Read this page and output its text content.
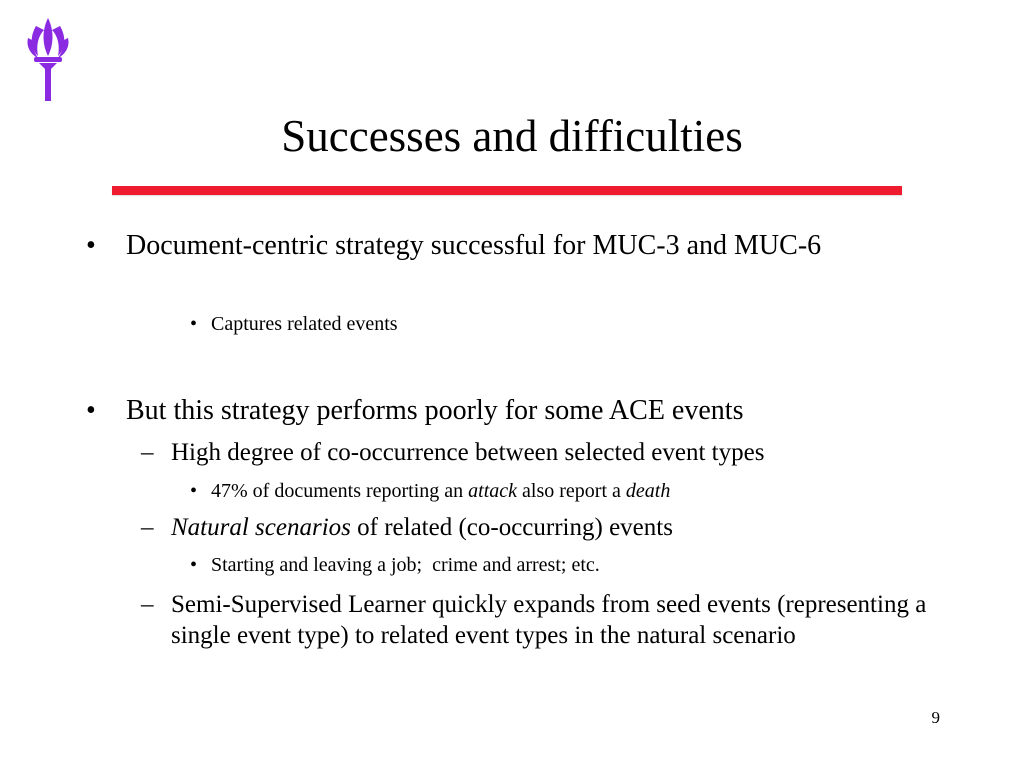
Successes and difficulties
•	Document-centric strategy successful for MUC-3 and MUC-6
• Captures related events
•	But this strategy performs poorly for some ACE events
– High degree of co-occurrence between selected event types
• 47% of documents reporting an attack also report a death
– Natural scenarios of related (co-occurring) events
• Starting and leaving a job;  crime and arrest; etc.
– Semi-Supervised Learner quickly expands from seed events (representing a single event type) to related event types in the natural scenario
9
